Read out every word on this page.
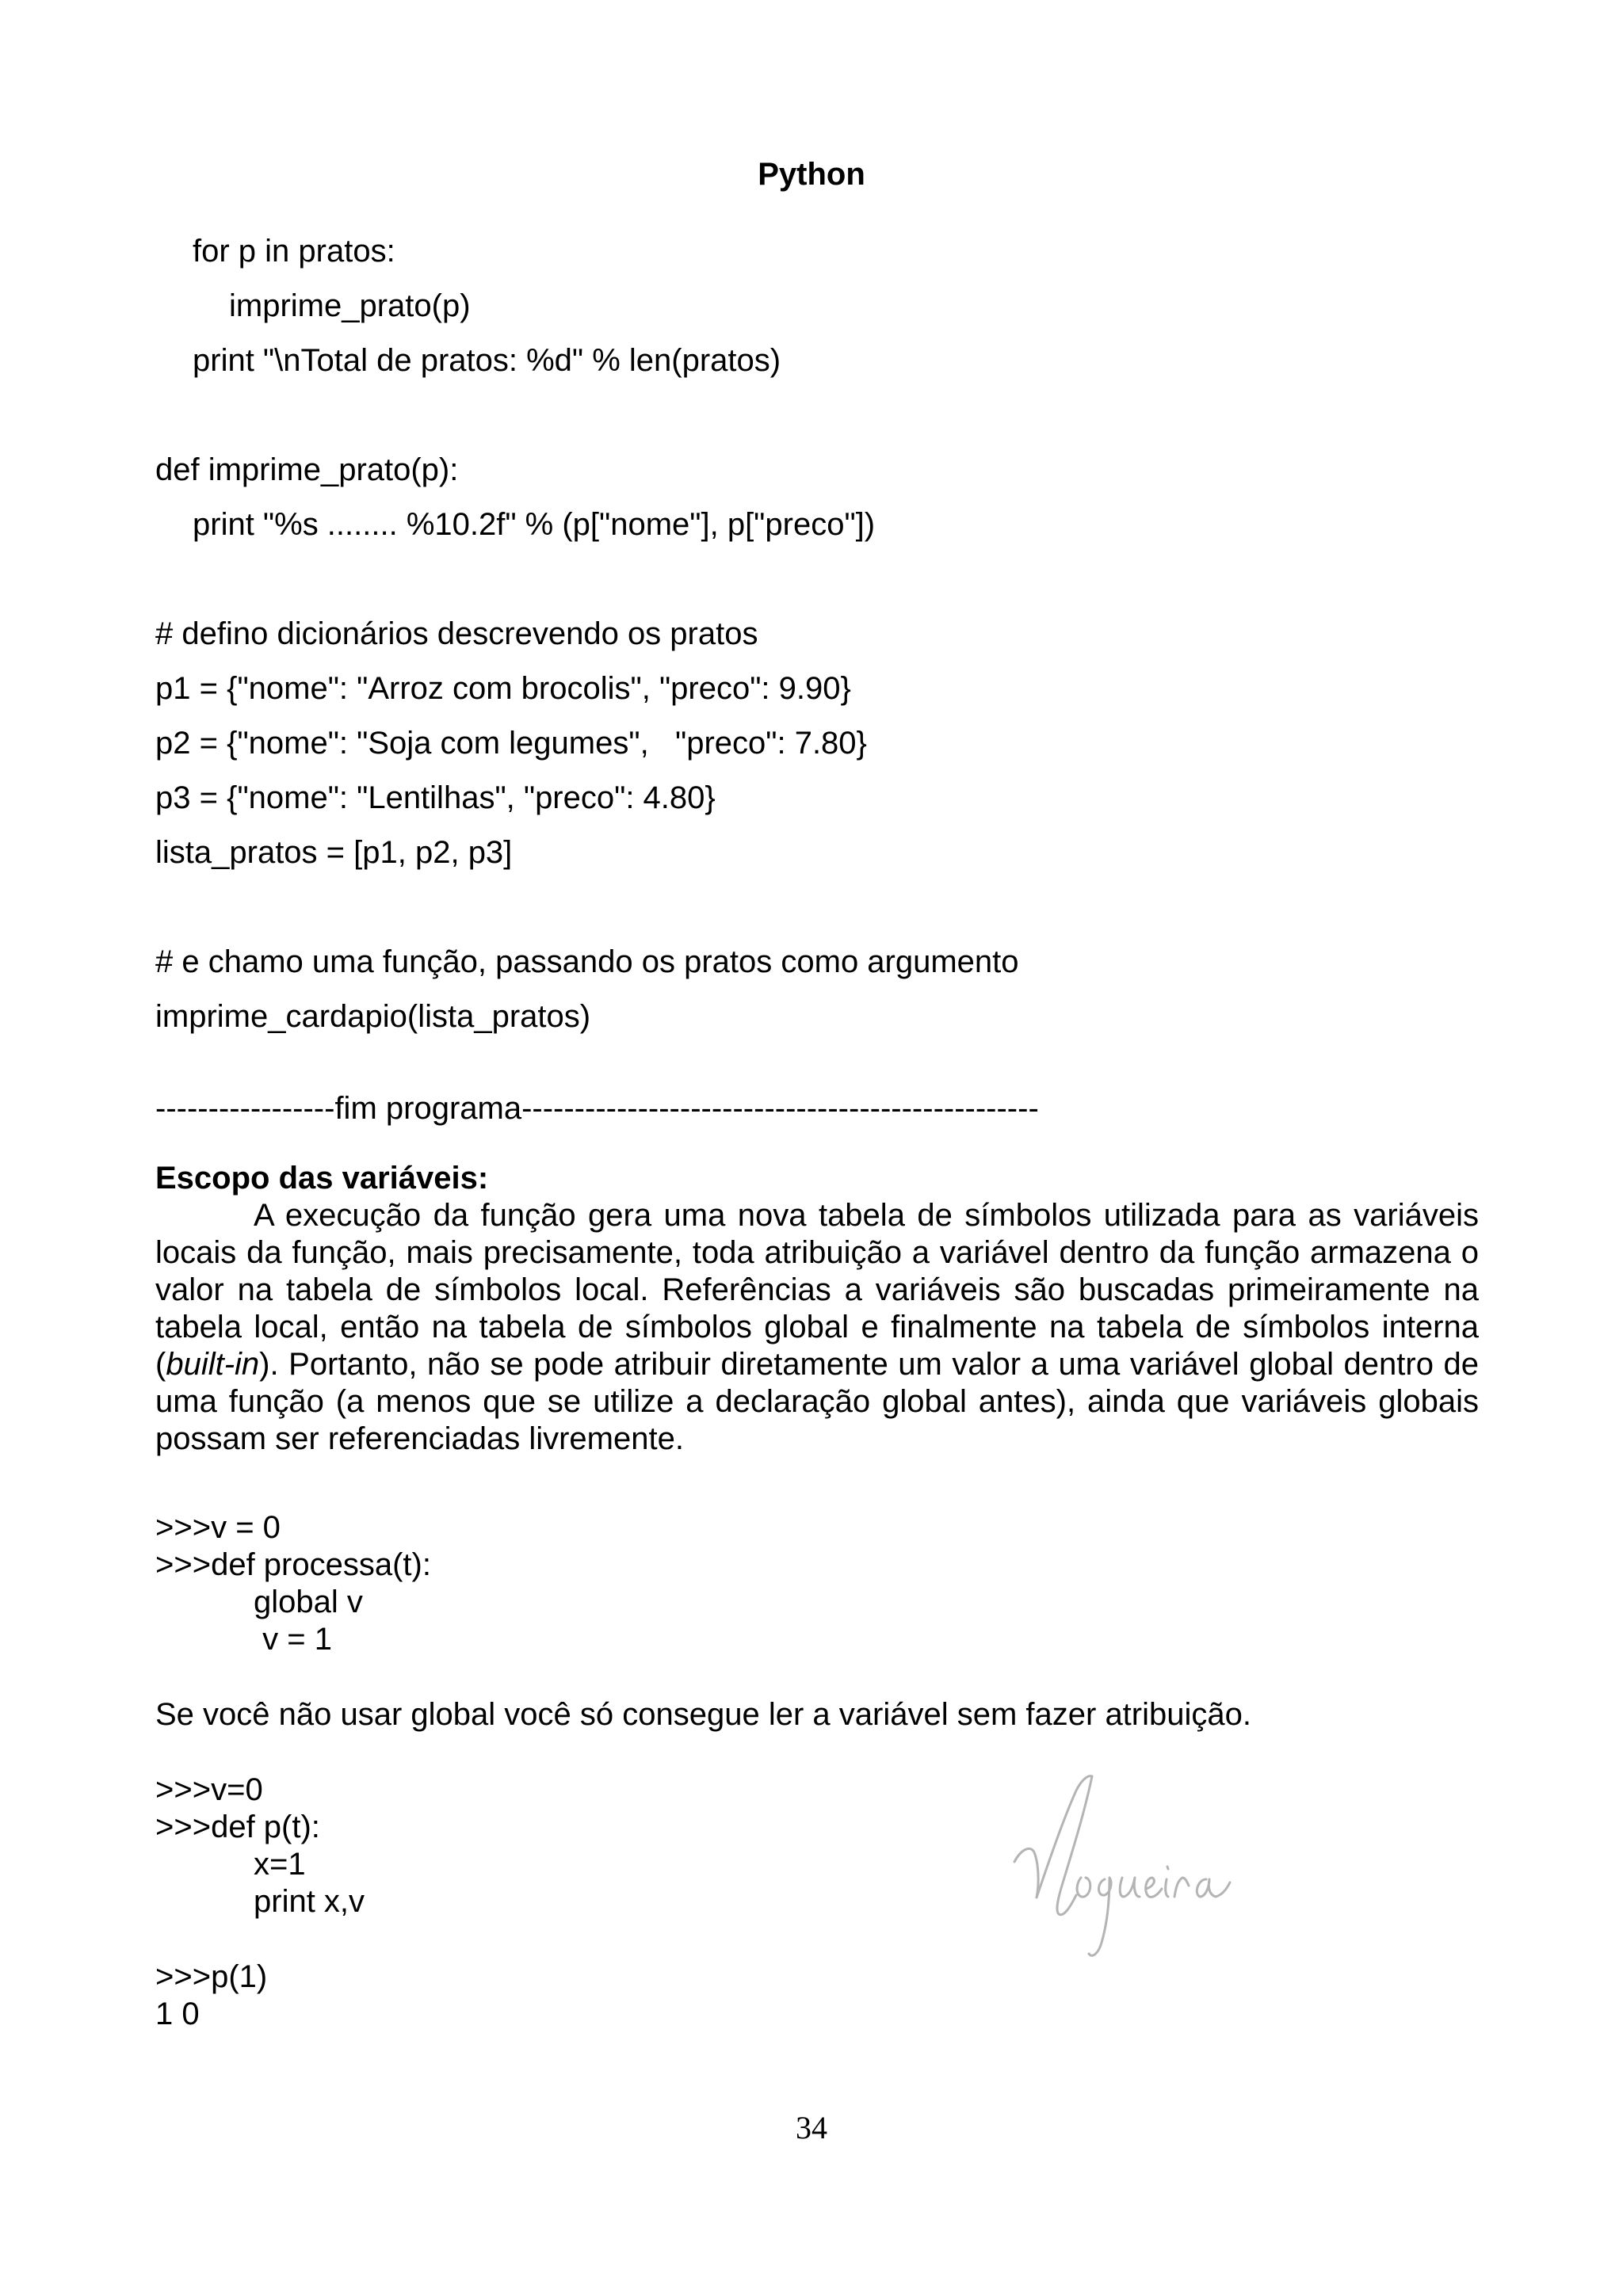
Python
for p in pratos:
imprime_prato(p)
print "\nTotal de pratos: %d" % len(pratos)
def imprime_prato(p):
print "%s ........ %10.2f" % (p["nome"], p["preco"])
# defino dicionários descrevendo os pratos
p1 = {"nome": "Arroz com brocolis", "preco": 9.90}
p2 = {"nome": "Soja com legumes",   "preco": 7.80}
p3 = {"nome": "Lentilhas", "preco": 4.80}
lista_pratos = [p1, p2, p3]
# e chamo uma função, passando os pratos como argumento
imprime_cardapio(lista_pratos)
-----------------fim programa-------------------------------------------------
Escopo das variáveis:

A execução da função gera uma nova tabela de símbolos utilizada para as variáveis locais da função, mais precisamente, toda atribuição a variável dentro da função armazena o valor na tabela de símbolos local. Referências a variáveis são buscadas primeiramente na tabela local, então na tabela de símbolos global e finalmente na tabela de símbolos interna (built-in). Portanto, não se pode atribuir diretamente um valor a uma variável global dentro de uma função (a menos que se utilize a declaração global antes), ainda que variáveis globais possam ser referenciadas livremente.

>>>v = 0
>>>def processa(t):
global v
v = 1
Se você não usar global você só consegue ler a variável sem fazer atribuição.
>>>v=0
>>>def p(t):
x=1
print x,v
>>>p(1)
1 0
34
